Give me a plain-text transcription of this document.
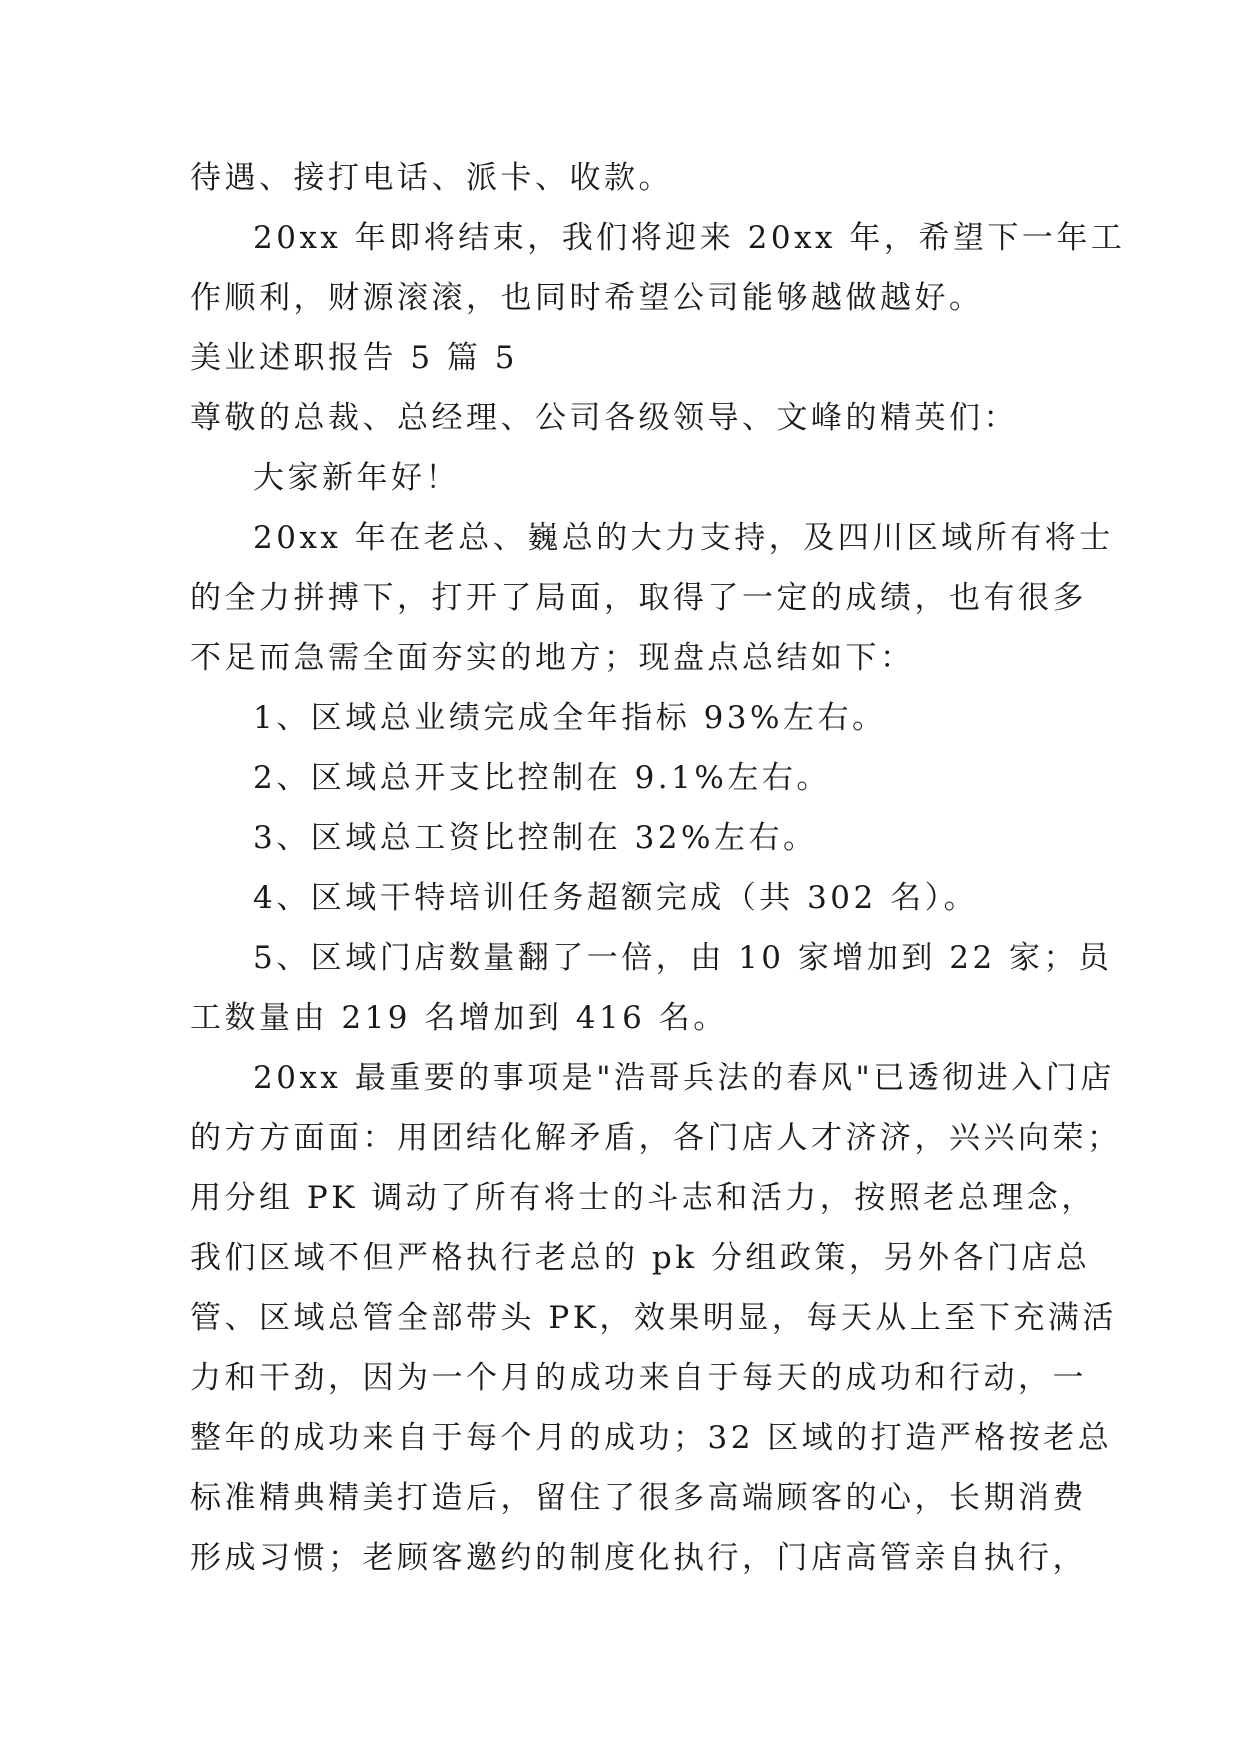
待遇、接打电话、派卡、收款。
20xx 年即将结束，我们将迎来 20xx 年，希望下一年工
作顺利，财源滚滚，也同时希望公司能够越做越好。
美业述职报告 5 篇 5
尊敬的总裁、总经理、公司各级领导、文峰的精英们：
大家新年好！
20xx 年在老总、巍总的大力支持，及四川区域所有将士
的全力拼搏下，打开了局面，取得了一定的成绩，也有很多
不足而急需全面夯实的地方；现盘点总结如下：
1、区域总业绩完成全年指标 93%左右。
2、区域总开支比控制在 9.1%左右。
3、区域总工资比控制在 32%左右。
4、区域干特培训任务超额完成（共 302 名）。
5、区域门店数量翻了一倍，由 10 家增加到 22 家；员
工数量由 219 名增加到 416 名。
20xx 最重要的事项是"浩哥兵法的春风"已透彻进入门店
的方方面面：用团结化解矛盾，各门店人才济济，兴兴向荣；
用分组 PK 调动了所有将士的斗志和活力，按照老总理念，
我们区域不但严格执行老总的 pk 分组政策，另外各门店总
管、区域总管全部带头 PK，效果明显，每天从上至下充满活
力和干劲，因为一个月的成功来自于每天的成功和行动，一
整年的成功来自于每个月的成功；32 区域的打造严格按老总
标准精典精美打造后，留住了很多高端顾客的心，长期消费
形成习惯；老顾客邀约的制度化执行，门店高管亲自执行，
